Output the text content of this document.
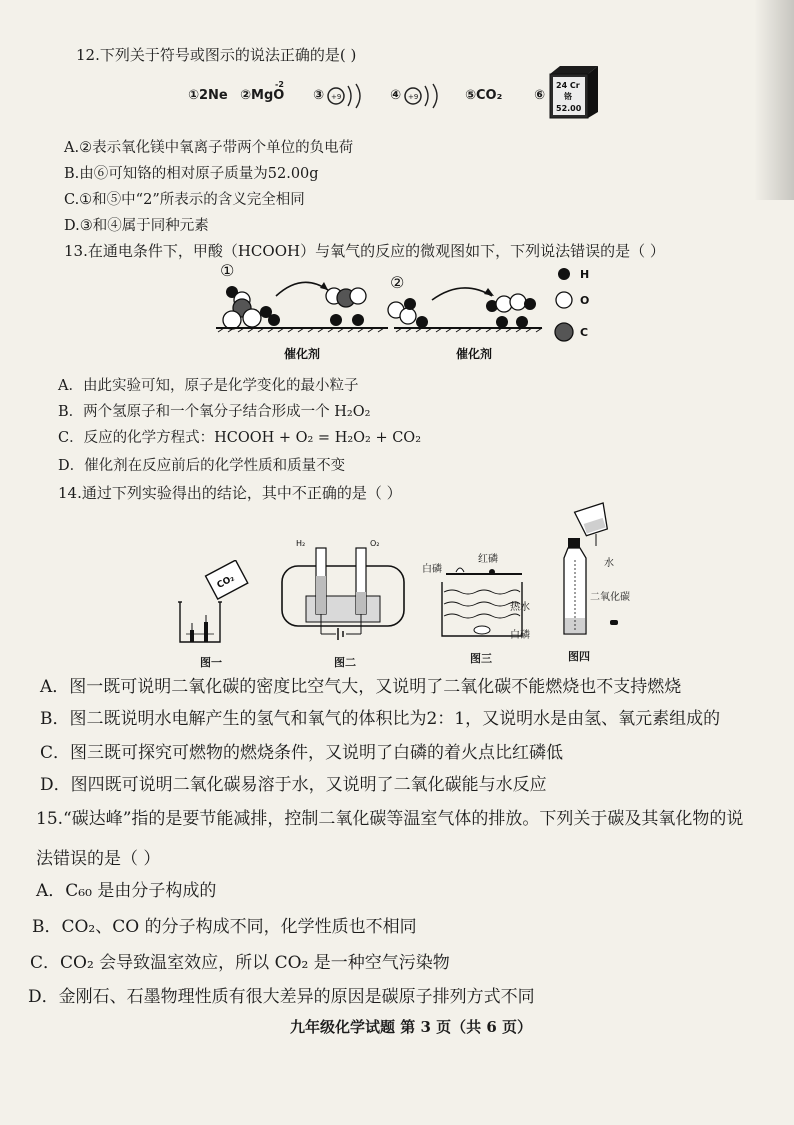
12.下列关于符号或图示的说法正确的是( )
①2Ne ②MgO
-2
③ +9	④ +9	⑤CO₂ ⑥
24 Cr
铬
52.00
A.②表示氧化镁中氧离子带两个单位的负电荷
B.由⑥可知铬的相对原子质量为52.00g
C.①和⑤中“2”所表示的含义完全相同
D.③和④属于同种元素
13.在通电条件下，甲酸（HCOOH）与氧气的反应的微观图如下，下列说法错误的是（ ）
①
②
催化剂	催化剂
H
O
C
A．由此实验可知，原子是化学变化的最小粒子
B．两个氢原子和一个氧分子结合形成一个 H₂O₂
C．反应的化学方程式：HCOOH + O₂ = H₂O₂ + CO₂
D．催化剂在反应前后的化学性质和质量不变
14.通过下列实验得出的结论，其中不正确的是（ ）
CO₂
图一
H₂	O₂
图二
白磷
红磷
热水
白磷
图三
水
二氧化碳
图四
A．图一既可说明二氧化碳的密度比空气大，又说明了二氧化碳不能燃烧也不支持燃烧
B．图二既说明水电解产生的氢气和氧气的体积比为2：1，又说明水是由氢、氧元素组成的
C．图三既可探究可燃物的燃烧条件，又说明了白磷的着火点比红磷低
D．图四既可说明二氧化碳易溶于水，又说明了二氧化碳能与水反应
15.“碳达峰”指的是要节能减排，控制二氧化碳等温室气体的排放。下列关于碳及其氧化物的说
法错误的是（ ）
A．C₆₀ 是由分子构成的
B．CO₂、CO 的分子构成不同，化学性质也不相同
C．CO₂ 会导致温室效应，所以 CO₂ 是一种空气污染物
D．金刚石、石墨物理性质有很大差异的原因是碳原子排列方式不同
九年级化学试题 第 3 页（共 6 页）
